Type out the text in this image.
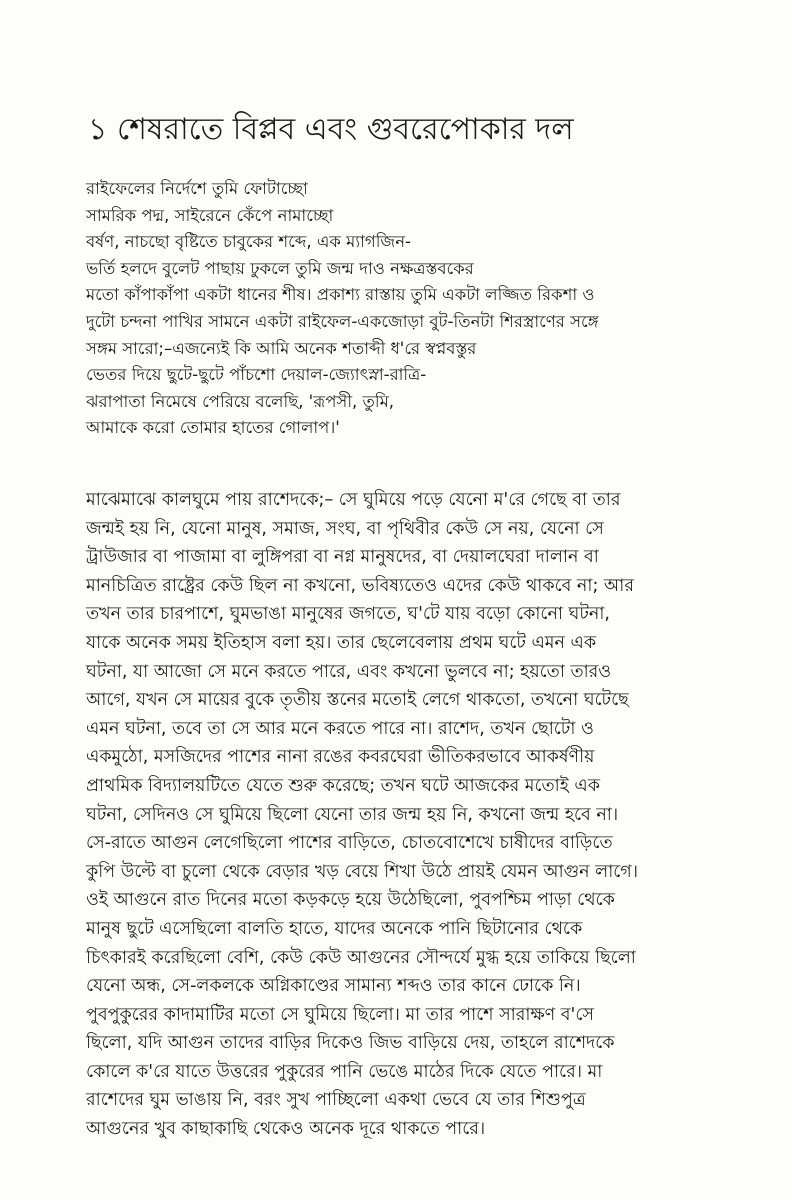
১ শেষরাতে বিপ্লব এবং গুবরেপোকার দল
রাইফেলের নির্দেশে তুমি ফোটাচ্ছো
সামরিক পদ্ম, সাইরেনে কেঁপে নামাচ্ছো
বর্ষণ, নাচছো বৃষ্টিতে চাবুকের শব্দে, এক ম্যাগজিন-
ভর্তি হলদে বুলেট পাছায় ঢুকলে তুমি জন্ম দাও নক্ষত্রস্তবকের
মতো কাঁপাকাঁপা একটা ধানের শীষ। প্রকাশ্য রাস্তায় তুমি একটা লজ্জিত রিকশা ও
দুটো চন্দনা পাখির সামনে একটা রাইফেল-একজোড়া বুট-তিনটা শিরস্ত্রাণের সঙ্গে
সঙ্গম সারো;–এজন্যেই কি আমি অনেক শতাব্দী ধ'রে স্বপ্নবস্তুর
ভেতর দিয়ে ছুটে-ছুটে পাঁচশো দেয়াল-জ্যোৎস্না-রাত্রি-
ঝরাপাতা নিমেষে পেরিয়ে বলেছি, 'রূপসী, তুমি,
আমাকে করো তোমার হাতের গোলাপ।'
মাঝেমাঝে কালঘুমে পায় রাশেদকে;– সে ঘুমিয়ে পড়ে যেনো ম'রে গেছে বা তার
জন্মই হয় নি, যেনো মানুষ, সমাজ, সংঘ, বা পৃথিবীর কেউ সে নয়, যেনো সে
ট্রাউজার বা পাজামা বা লুঙ্গিপরা বা নগ্ন মানুষদের, বা দেয়ালঘেরা দালান বা
মানচিত্রিত রাষ্ট্রের কেউ ছিল না কখনো, ভবিষ্যতেও এদের কেউ থাকবে না; আর
তখন তার চারপাশে, ঘুমভাঙা মানুষের জগতে, ঘ'টে যায় বড়ো কোনো ঘটনা,
যাকে অনেক সময় ইতিহাস বলা হয়। তার ছেলেবেলায় প্রথম ঘটে এমন এক
ঘটনা, যা আজো সে মনে করতে পারে, এবং কখনো ভুলবে না; হয়তো তারও
আগে, যখন সে মায়ের বুকে তৃতীয় স্তনের মতোই লেগে থাকতো, তখনো ঘটেছে
এমন ঘটনা, তবে তা সে আর মনে করতে পারে না। রাশেদ, তখন ছোটো ও
একমুঠো, মসজিদের পাশের নানা রঙের কবরঘেরা ভীতিকরভাবে আকর্ষণীয়
প্রাথমিক বিদ্যালয়টিতে যেতে শুরু করেছে; তখন ঘটে আজকের মতোই এক
ঘটনা, সেদিনও সে ঘুমিয়ে ছিলো যেনো তার জন্ম হয় নি, কখনো জন্ম হবে না।
সে-রাতে আগুন লেগেছিলো পাশের বাড়িতে, চোতবোশেখে চাষীদের বাড়িতে
কুপি উল্টে বা চুলো থেকে বেড়ার খড় বেয়ে শিখা উঠে প্রায়ই যেমন আগুন লাগে।
ওই আগুনে রাত দিনের মতো কড়কড়ে হয়ে উঠেছিলো, পুবপশ্চিম পাড়া থেকে
মানুষ ছুটে এসেছিলো বালতি হাতে, যাদের অনেকে পানি ছিটানোর থেকে
চিৎকারই করেছিলো বেশি, কেউ কেউ আগুনের সৌন্দর্যে মুগ্ধ হয়ে তাকিয়ে ছিলো
যেনো অন্ধ, সে-লকলকে অগ্নিকাণ্ডের সামান্য শব্দও তার কানে ঢোকে নি।
পুবপুকুরের কাদামাটির মতো সে ঘুমিয়ে ছিলো। মা তার পাশে সারাক্ষণ ব'সে
ছিলো, যদি আগুন তাদের বাড়ির দিকেও জিভ বাড়িয়ে দেয়, তাহলে রাশেদকে
কোলে ক'রে যাতে উত্তরের পুকুরের পানি ভেঙে মাঠের দিকে যেতে পারে। মা
রাশেদের ঘুম ভাঙায় নি, বরং সুখ পাচ্ছিলো একথা ভেবে যে তার শিশুপুত্র
আগুনের খুব কাছাকাছি থেকেও অনেক দূরে থাকতে পারে।
